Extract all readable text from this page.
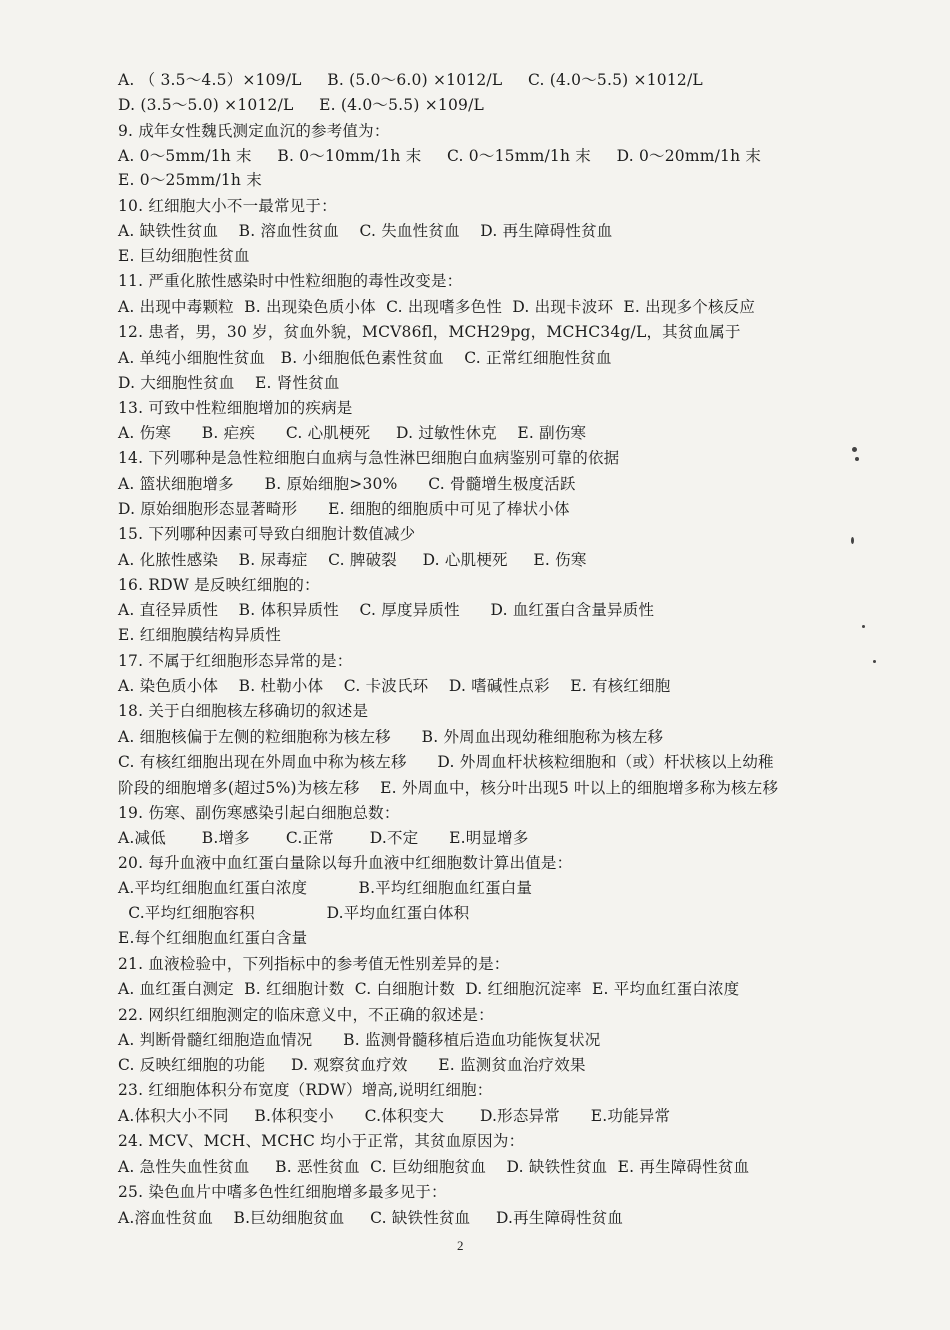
A. （ 3.5～4.5）×109/L     B. (5.0～6.0) ×1012/L     C. (4.0～5.5) ×1012/L
D. (3.5～5.0) ×1012/L     E. (4.0～5.5) ×109/L
9. 成年女性魏氏测定血沉的参考值为：
A. 0～5mm/1h 末     B. 0～10mm/1h 末     C. 0～15mm/1h 末     D. 0～20mm/1h 末
E. 0～25mm/1h 末
10. 红细胞大小不一最常见于：
A. 缺铁性贫血    B. 溶血性贫血    C. 失血性贫血    D. 再生障碍性贫血
E. 巨幼细胞性贫血
11. 严重化脓性感染时中性粒细胞的毒性改变是：
A. 出现中毒颗粒  B. 出现染色质小体  C. 出现嗜多色性  D. 出现卡波环  E. 出现多个核反应
12. 患者，男，30 岁，贫血外貌，MCV86fl，MCH29pg，MCHC34g/L，其贫血属于
A. 单纯小细胞性贫血   B. 小细胞低色素性贫血    C. 正常红细胞性贫血
D. 大细胞性贫血    E. 肾性贫血
13. 可致中性粒细胞增加的疾病是
A. 伤寒      B. 疟疾      C. 心肌梗死     D. 过敏性休克    E. 副伤寒
14. 下列哪种是急性粒细胞白血病与急性淋巴细胞白血病鉴别可靠的依据
A. 篮状细胞增多      B. 原始细胞>30%      C. 骨髓增生极度活跃
D. 原始细胞形态显著畸形      E. 细胞的细胞质中可见了棒状小体
15. 下列哪种因素可导致白细胞计数值减少
A. 化脓性感染    B. 尿毒症    C. 脾破裂     D. 心肌梗死     E. 伤寒
16. RDW 是反映红细胞的：
A. 直径异质性    B. 体积异质性    C. 厚度异质性      D. 血红蛋白含量异质性
E. 红细胞膜结构异质性
17. 不属于红细胞形态异常的是：
A. 染色质小体    B. 杜勒小体    C. 卡波氏环    D. 嗜碱性点彩    E. 有核红细胞
18. 关于白细胞核左移确切的叙述是
A. 细胞核偏于左侧的粒细胞称为核左移      B. 外周血出现幼稚细胞称为核左移
C. 有核红细胞出现在外周血中称为核左移      D. 外周血杆状核粒细胞和（或）杆状核以上幼稚
阶段的细胞增多(超过5%)为核左移    E. 外周血中，核分叶出现5 叶以上的细胞增多称为核左移
19. 伤寒、副伤寒感染引起白细胞总数：
A.减低       B.增多       C.正常       D.不定      E.明显增多
20. 每升血液中血红蛋白量除以每升血液中红细胞数计算出值是：
A.平均红细胞血红蛋白浓度          B.平均红细胞血红蛋白量
C.平均红细胞容积              D.平均血红蛋白体积
E.每个红细胞血红蛋白含量
21. 血液检验中，下列指标中的参考值无性别差异的是：
A. 血红蛋白测定  B. 红细胞计数  C. 白细胞计数  D. 红细胞沉淀率  E. 平均血红蛋白浓度
22. 网织红细胞测定的临床意义中，不正确的叙述是：
A. 判断骨髓红细胞造血情况      B. 监测骨髓移植后造血功能恢复状况
C. 反映红细胞的功能     D. 观察贫血疗效      E. 监测贫血治疗效果
23. 红细胞体积分布宽度（RDW）增高,说明红细胞：
A.体积大小不同     B.体积变小      C.体积变大       D.形态异常      E.功能异常
24. MCV、MCH、MCHC 均小于正常，其贫血原因为：
A. 急性失血性贫血     B. 恶性贫血  C. 巨幼细胞贫血    D. 缺铁性贫血  E. 再生障碍性贫血
25. 染色血片中嗜多色性红细胞增多最多见于：
A.溶血性贫血    B.巨幼细胞贫血     C. 缺铁性贫血     D.再生障碍性贫血
2
